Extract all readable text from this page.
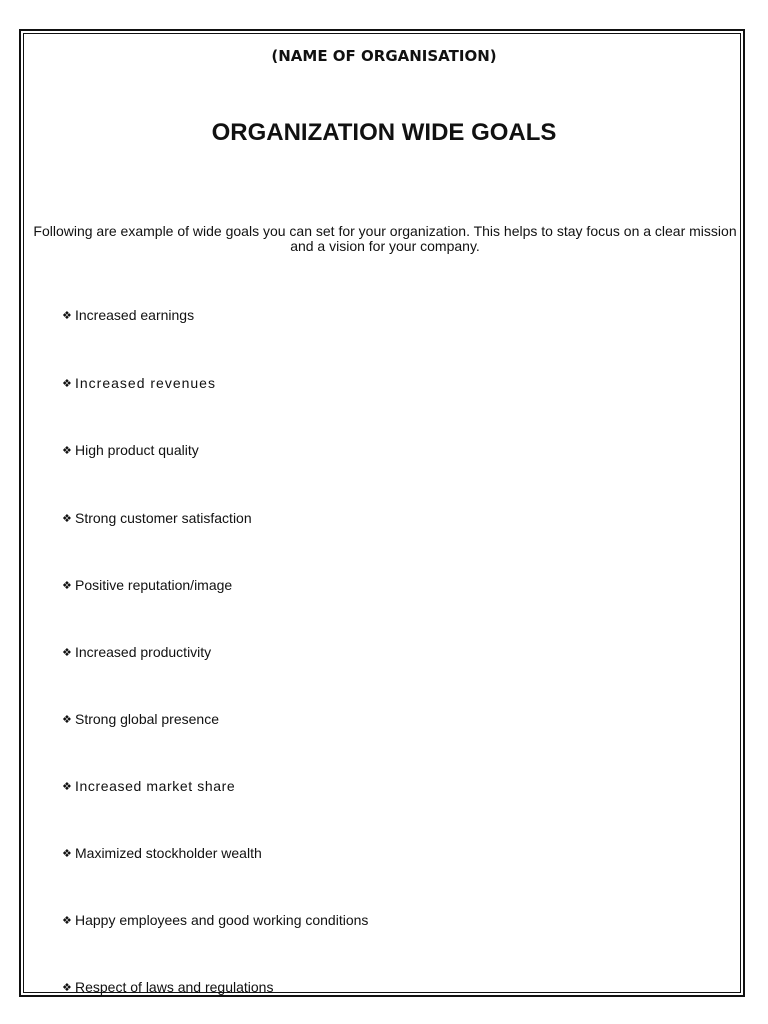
(NAME OF ORGANISATION)

ORGANIZATION WIDE GOALS

Following are example of wide goals you can set for your organization. This helps to stay focus on a clear mission and a vision for your company.

❖ Increased earnings
❖ Increased revenues
❖ High product quality
❖ Strong customer satisfaction
❖ Positive reputation/image
❖ Increased productivity
❖ Strong global presence
❖ Increased market share
❖ Maximized stockholder wealth
❖ Happy employees and good working conditions
❖ Respect of laws and regulations
